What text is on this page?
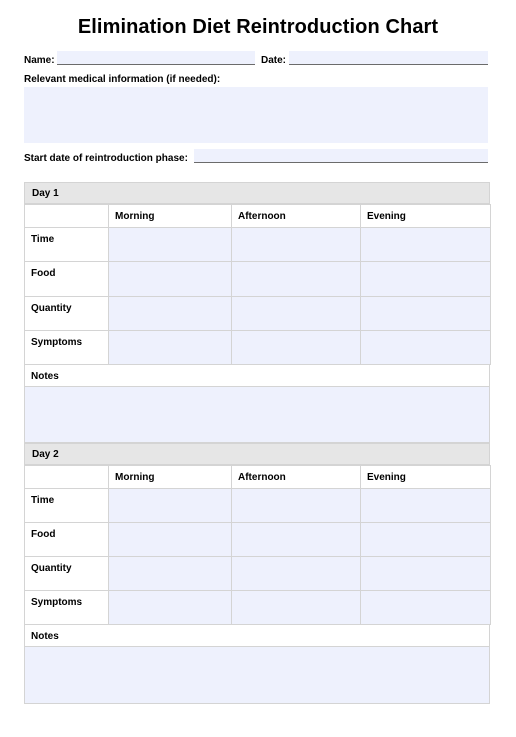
Elimination Diet Reintroduction Chart
Name:	Date:
Relevant medical information (if needed):
Start date of reintroduction phase:
Day 1
	Morning	Afternoon	Evening
Time			
Food			
Quantity			
Symptoms			
Notes
Day 2
	Morning	Afternoon	Evening
Time			
Food			
Quantity			
Symptoms			
Notes
